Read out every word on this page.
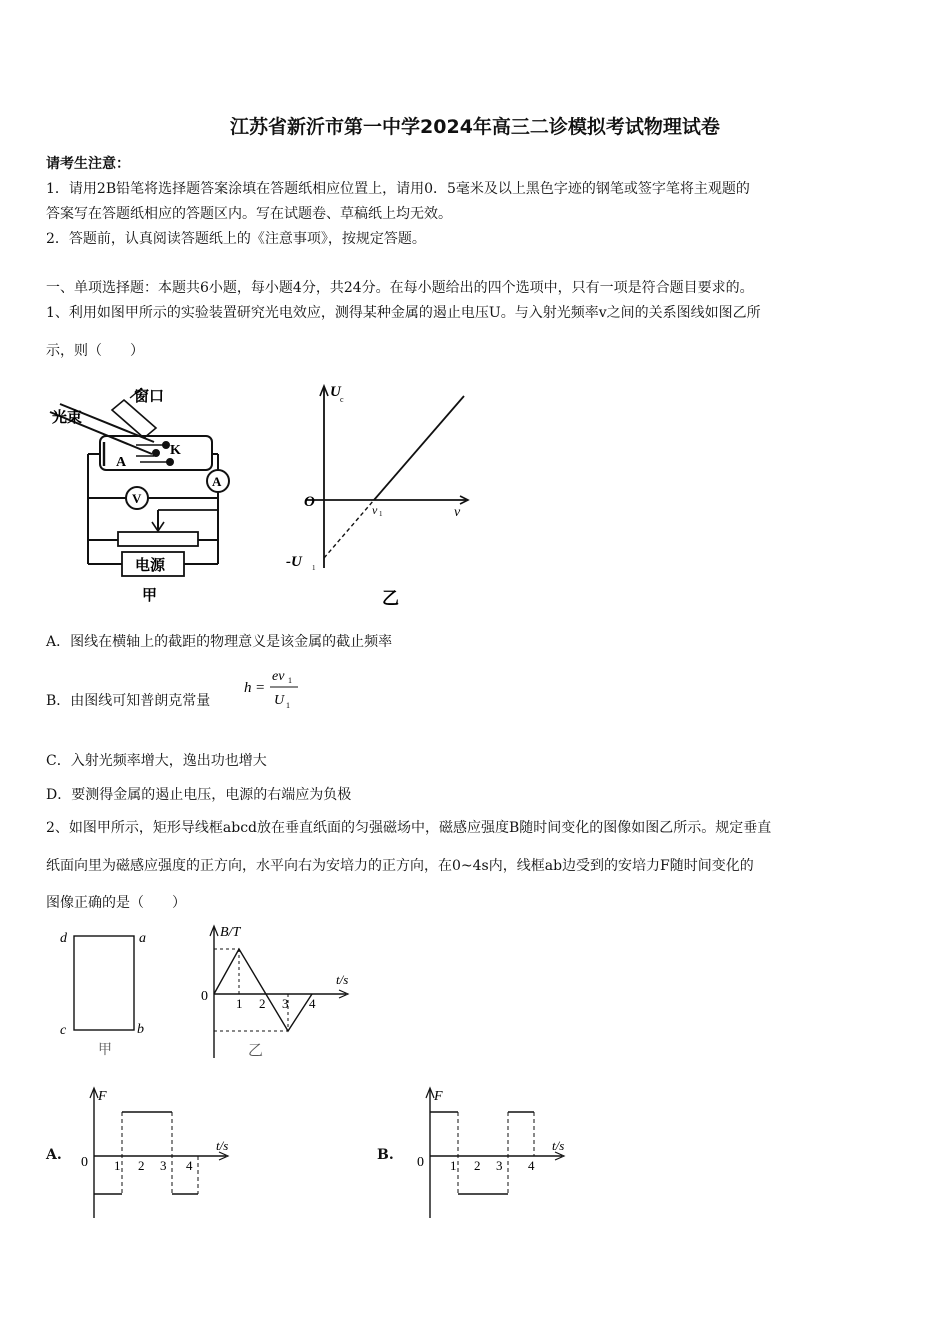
江苏省新沂市第一中学2024年高三二诊模拟考试物理试卷
请考生注意：
1．请用2B铅笔将选择题答案涂填在答题纸相应位置上，请用0．5毫米及以上黑色字迹的钢笔或签字笔将主观题的
答案写在答题纸相应的答题区内。写在试题卷、草稿纸上均无效。
2．答题前，认真阅读答题纸上的《注意事项》，按规定答题。
一、单项选择题：本题共6小题，每小题4分，共24分。在每小题给出的四个选项中，只有一项是符合题目要求的。
1、利用如图甲所示的实验装置研究光电效应，测得某种金属的遏止电压U。与入射光频率v之间的关系图线如图乙所
示，则（　　）
窗口
光束
K
A
A
V
电源
甲
U c
O	v 1	v
-U 1
乙
A．图线在横轴上的截距的物理意义是该金属的截止频率
B．由图线可知普朗克常量
h =
ev 1
U 1
C．入射光频率增大，逸出功也增大
D．要测得金属的遏止电压，电源的右端应为负极
2、如图甲所示，矩形导线框abcd放在垂直纸面的匀强磁场中，磁感应强度B随时间变化的图像如图乙所示。规定垂直
纸面向里为磁感应强度的正方向，水平向右为安培力的正方向，在0~4s内，线框ab边受到的安培力F随时间变化的
图像正确的是（　　）
d	a
c	b
甲
B/T
t/s
0 1 2 3 4
乙
A.
F
t/s
0 1 2 3 4
B.
F
t/s
0 1 2 3 4
